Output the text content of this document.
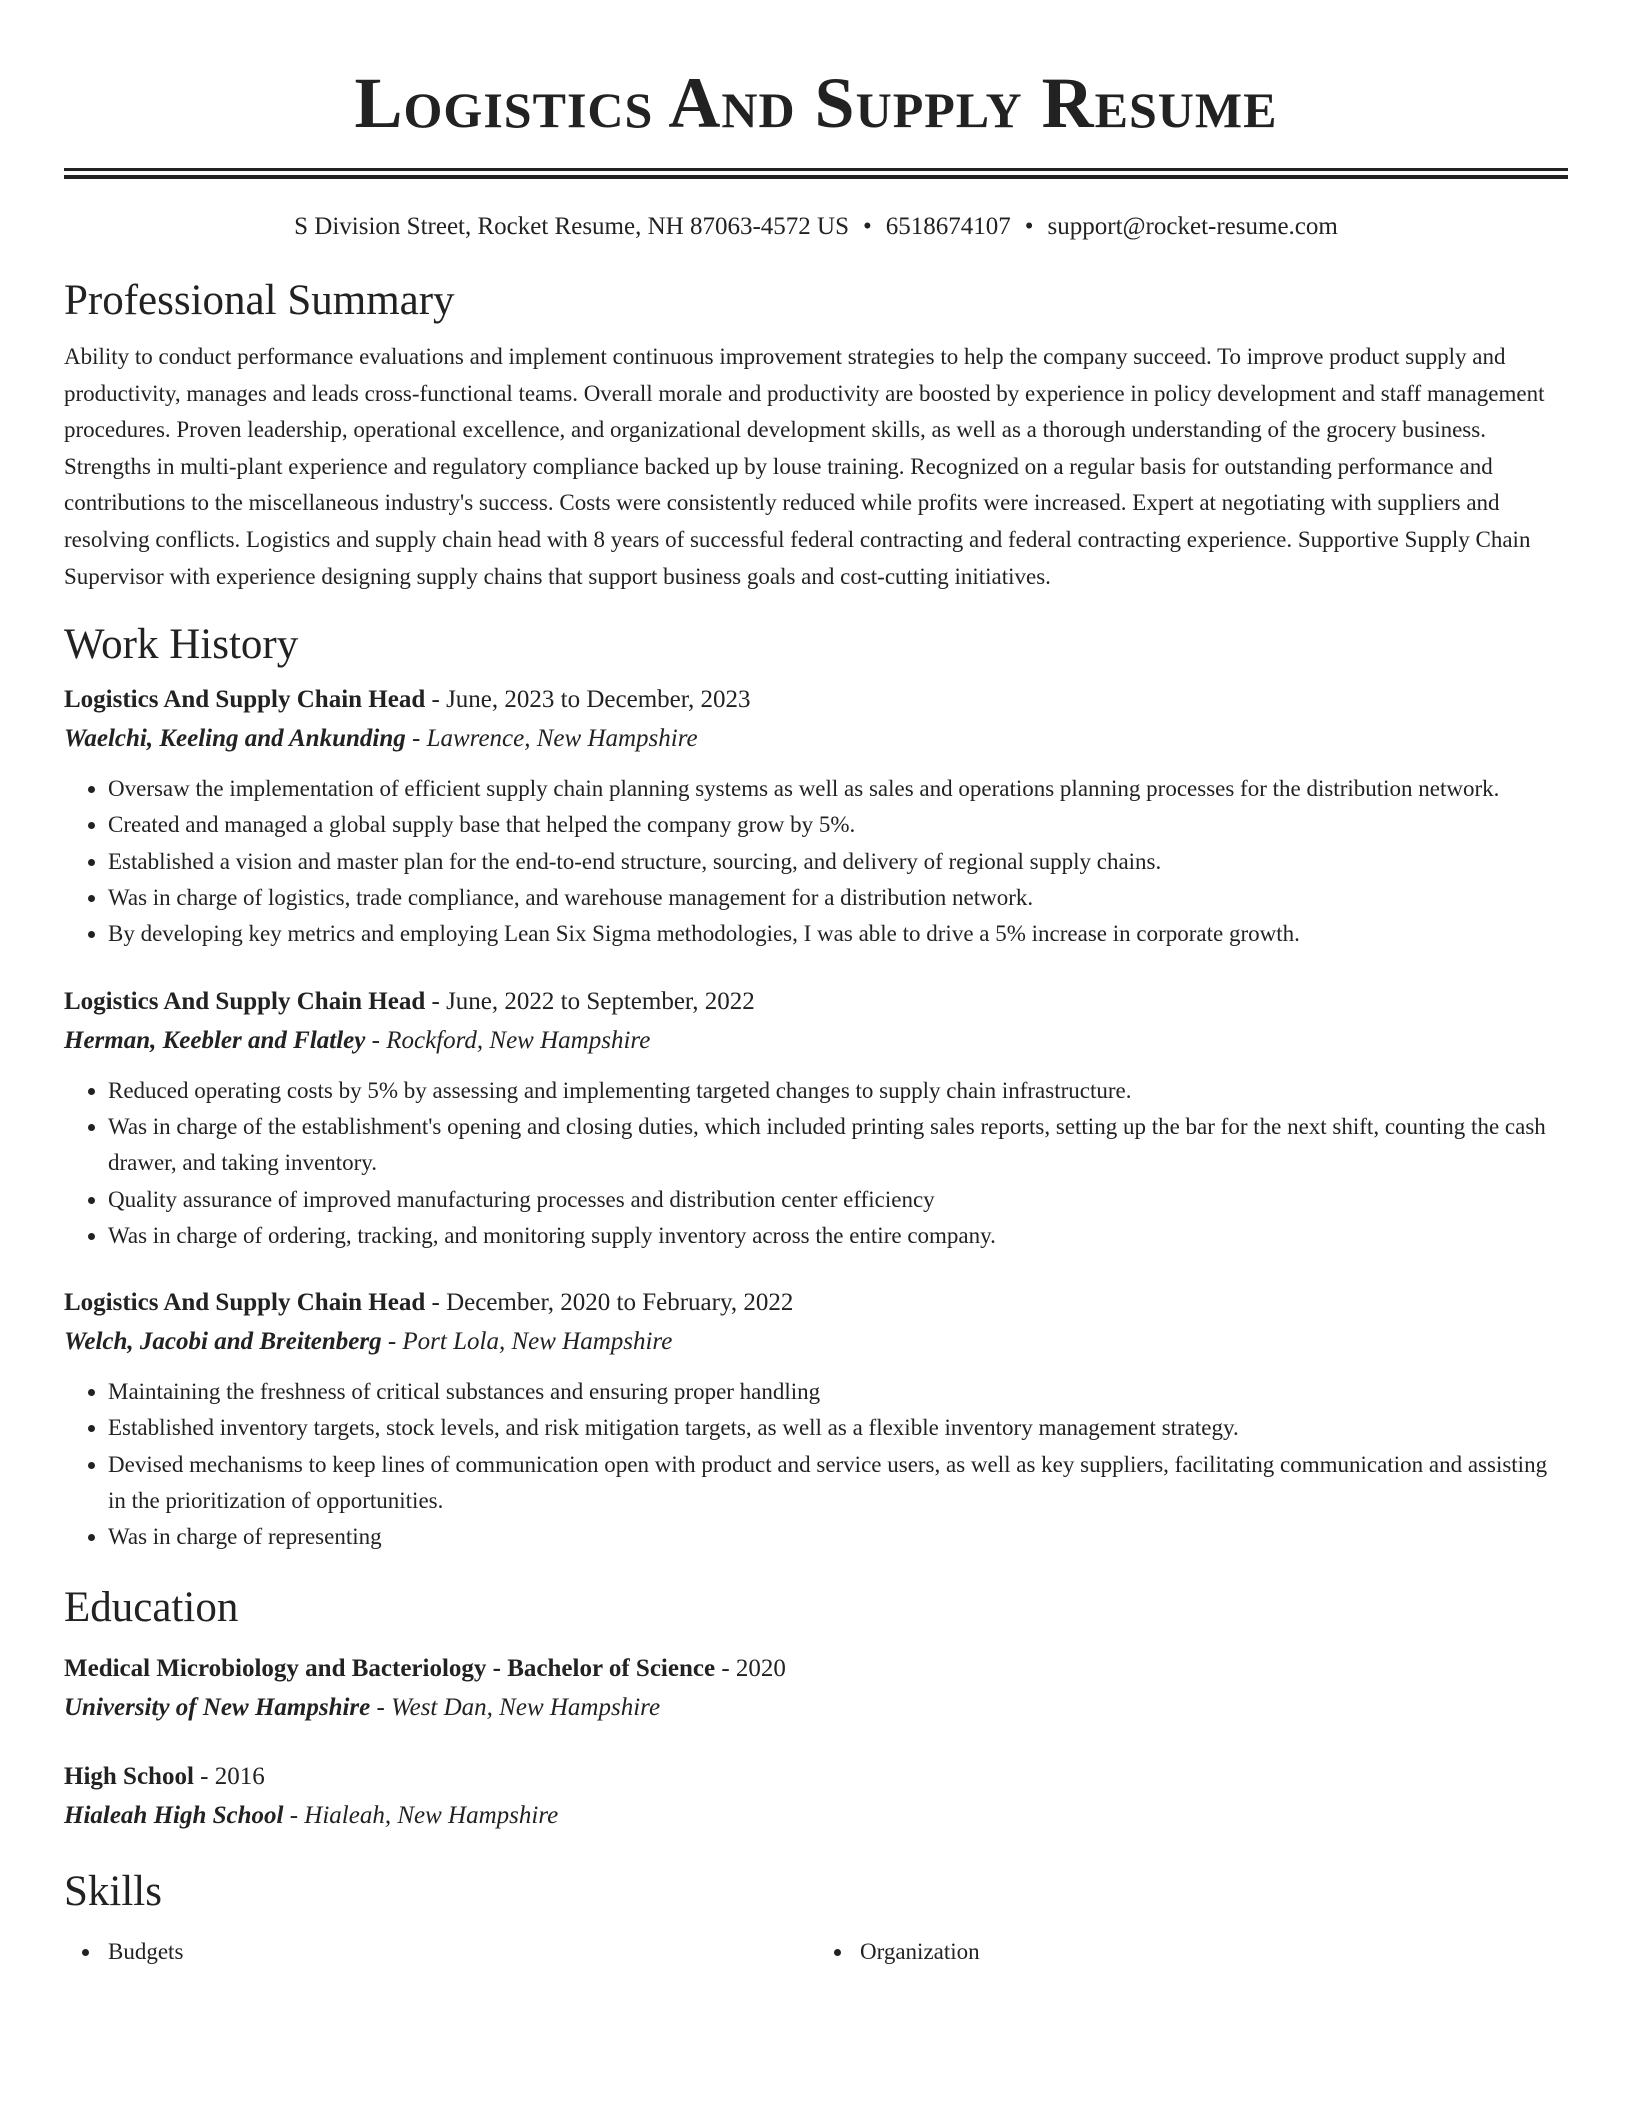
Logistics And Supply Resume
S Division Street, Rocket Resume, NH 87063-4572 US • 6518674107 • support@rocket-resume.com
Professional Summary

Ability to conduct performance evaluations and implement continuous improvement strategies to help the company succeed. To improve product supply and productivity, manages and leads cross-functional teams. Overall morale and productivity are boosted by experience in policy development and staff management procedures. Proven leadership, operational excellence, and organizational development skills, as well as a thorough understanding of the grocery business. Strengths in multi-plant experience and regulatory compliance backed up by louse training. Recognized on a regular basis for outstanding performance and contributions to the miscellaneous industry's success. Costs were consistently reduced while profits were increased. Expert at negotiating with suppliers and resolving conflicts. Logistics and supply chain head with 8 years of successful federal contracting and federal contracting experience. Supportive Supply Chain Supervisor with experience designing supply chains that support business goals and cost-cutting initiatives.

Work History
Logistics And Supply Chain Head - June, 2023 to December, 2023
Waelchi, Keeling and Ankunding - Lawrence, New Hampshire
• Oversaw the implementation of efficient supply chain planning systems as well as sales and operations planning processes for the distribution network.
• Created and managed a global supply base that helped the company grow by 5%.
• Established a vision and master plan for the end-to-end structure, sourcing, and delivery of regional supply chains.
• Was in charge of logistics, trade compliance, and warehouse management for a distribution network.
• By developing key metrics and employing Lean Six Sigma methodologies, I was able to drive a 5% increase in corporate growth.
Logistics And Supply Chain Head - June, 2022 to September, 2022
Herman, Keebler and Flatley - Rockford, New Hampshire
• Reduced operating costs by 5% by assessing and implementing targeted changes to supply chain infrastructure.
• Was in charge of the establishment's opening and closing duties, which included printing sales reports, setting up the bar for the next shift, counting the cash drawer, and taking inventory.
• Quality assurance of improved manufacturing processes and distribution center efficiency
• Was in charge of ordering, tracking, and monitoring supply inventory across the entire company.
Logistics And Supply Chain Head - December, 2020 to February, 2022
Welch, Jacobi and Breitenberg - Port Lola, New Hampshire
• Maintaining the freshness of critical substances and ensuring proper handling
• Established inventory targets, stock levels, and risk mitigation targets, as well as a flexible inventory management strategy.
• Devised mechanisms to keep lines of communication open with product and service users, as well as key suppliers, facilitating communication and assisting in the prioritization of opportunities.
• Was in charge of representing
Education
Medical Microbiology and Bacteriology - Bachelor of Science - 2020
University of New Hampshire - West Dan, New Hampshire
High School - 2016
Hialeah High School - Hialeah, New Hampshire
Skills
Budgets	Organization
